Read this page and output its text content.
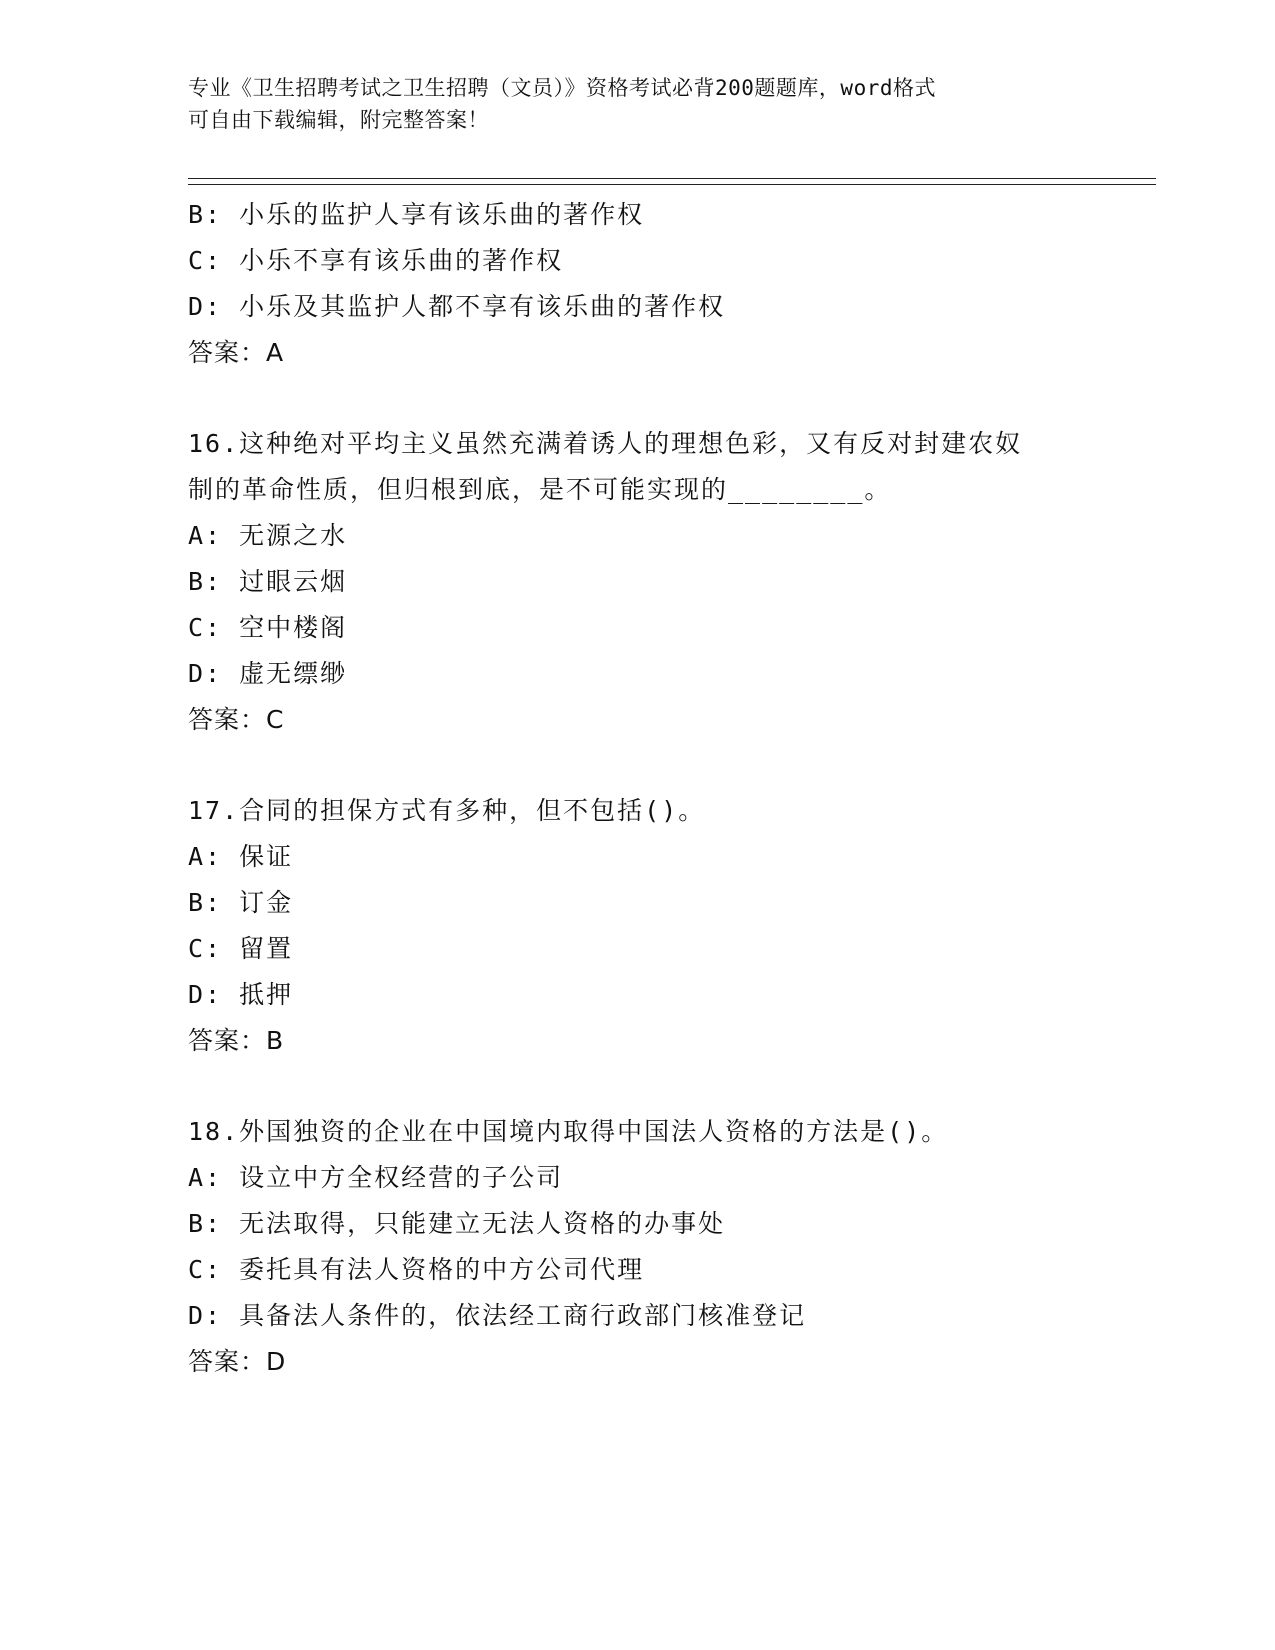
专业《卫生招聘考试之卫生招聘（文员）》资格考试必背200题题库，word格式
可自由下载编辑，附完整答案！
B: 小乐的监护人享有该乐曲的著作权
C: 小乐不享有该乐曲的著作权
D: 小乐及其监护人都不享有该乐曲的著作权
答案：A
16.这种绝对平均主义虽然充满着诱人的理想色彩，又有反对封建农奴
制的革命性质，但归根到底，是不可能实现的________。
A: 无源之水
B: 过眼云烟
C: 空中楼阁
D: 虚无缥缈
答案：C
17.合同的担保方式有多种，但不包括()。
A: 保证
B: 订金
C: 留置
D: 抵押
答案：B
18.外国独资的企业在中国境内取得中国法人资格的方法是()。
A: 设立中方全权经营的子公司
B: 无法取得，只能建立无法人资格的办事处
C: 委托具有法人资格的中方公司代理
D: 具备法人条件的，依法经工商行政部门核准登记
答案：D
